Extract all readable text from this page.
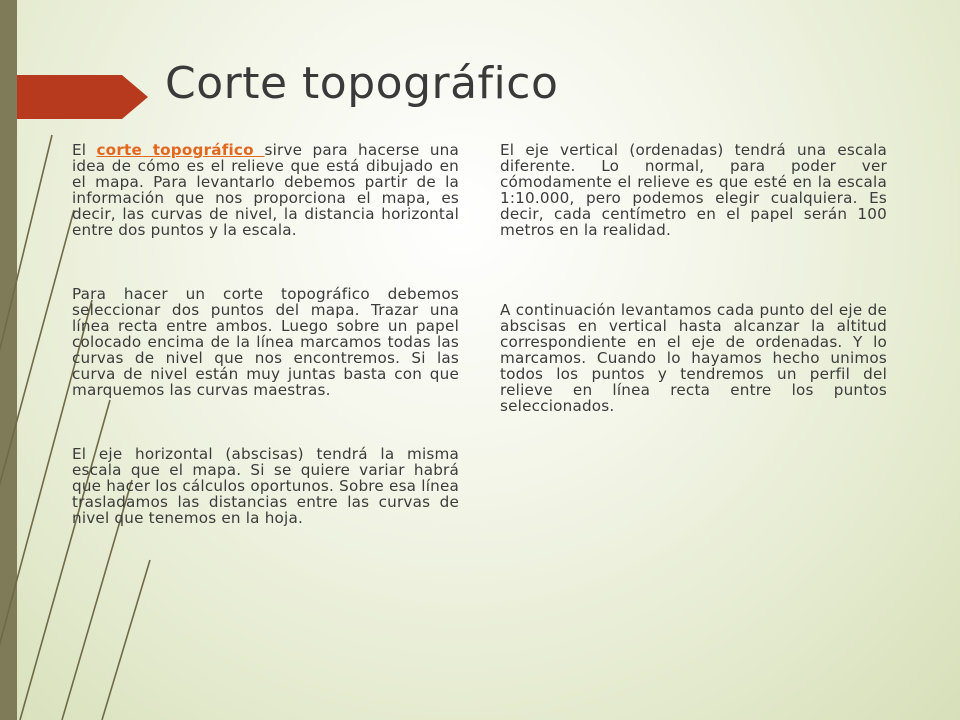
Corte topográfico

El corte topográfico sirve para hacerse una idea de cómo es el relieve que está dibujado en el mapa. Para levantarlo debemos partir de la información que nos proporciona el mapa, es decir, las curvas de nivel, la distancia horizontal entre dos puntos y la escala.

Para hacer un corte topográfico debemos seleccionar dos puntos del mapa. Trazar una línea recta entre ambos. Luego sobre un papel colocado encima de la línea marcamos todas las curvas de nivel que nos encontremos. Si las curva de nivel están muy juntas basta con que marquemos las curvas maestras.

El eje horizontal (abscisas) tendrá la misma escala que el mapa. Si se quiere variar habrá que hacer los cálculos oportunos. Sobre esa línea trasladamos las distancias entre las curvas de nivel que tenemos en la hoja.

El eje vertical (ordenadas) tendrá una escala diferente. Lo normal, para poder ver cómodamente el relieve es que esté en la escala 1:10.000, pero podemos elegir cualquiera. Es decir, cada centímetro en el papel serán 100 metros en la realidad.

A continuación levantamos cada punto del eje de abscisas en vertical hasta alcanzar la altitud correspondiente en el eje de ordenadas. Y lo marcamos. Cuando lo hayamos hecho unimos todos los puntos y tendremos un perfil del relieve en línea recta entre los puntos seleccionados.
